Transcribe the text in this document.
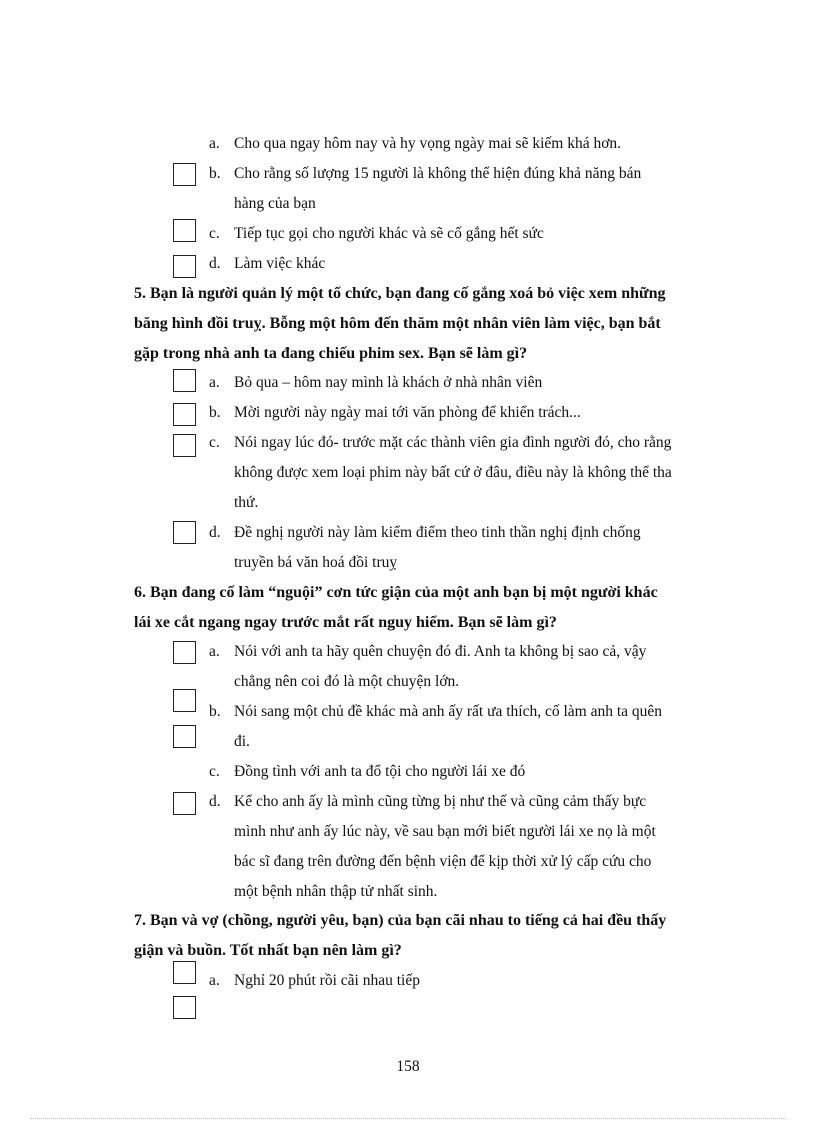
a. Cho qua ngay hôm nay và hy vọng ngày mai sẽ kiếm khá hơn.
b. Cho rằng số lượng 15 người là không thể hiện đúng khả năng bán
hàng của bạn
c. Tiếp tục gọi cho người khác và sẽ cố gắng hết sức
d. Làm việc khác
5. Bạn là người quản lý một tổ chức, bạn đang cố gắng xoá bỏ việc xem những
băng hình đồi truỵ. Bỗng một hôm đến thăm một nhân viên làm việc, bạn bắt
gặp trong nhà anh ta đang chiếu phim sex. Bạn sẽ làm gì?
a. Bỏ qua – hôm nay mình là khách ở nhà nhân viên
b. Mời người này ngày mai tới văn phòng để khiển trách...
c. Nói ngay lúc đó- trước mặt các thành viên gia đình người đó, cho rằng
không được xem loại phim này bất cứ ở đâu, điều này là không thể tha
thứ.
d. Đề nghị người này làm kiểm điểm theo tinh thần nghị định chống
truyền bá văn hoá đồi truỵ
6. Bạn đang cố làm “nguội” cơn tức giận của một anh bạn bị một người khác
lái xe cắt ngang ngay trước mắt rất nguy hiểm. Bạn sẽ làm gì?
a. Nói với anh ta hãy quên chuyện đó đi. Anh ta không bị sao cả, vậy
chẳng nên coi đó là một chuyện lớn.
b. Nói sang một chủ đề khác mà anh ấy rất ưa thích, cố làm anh ta quên
đi.
c. Đồng tình với anh ta đổ tội cho người lái xe đó
d. Kể cho anh ấy là mình cũng từng bị như thế và cũng cảm thấy bực
mình như anh ấy lúc này, về sau bạn mới biết người lái xe nọ là một
bác sĩ đang trên đường đến bệnh viện để kịp thời xử lý cấp cứu cho
một bệnh nhân thập tử nhất sinh.
7. Bạn và vợ (chồng, người yêu, bạn) của bạn cãi nhau to tiếng cả hai đều thấy
giận và buồn. Tốt nhất bạn nên làm gì?
a. Nghỉ 20 phút rồi cãi nhau tiếp
158
